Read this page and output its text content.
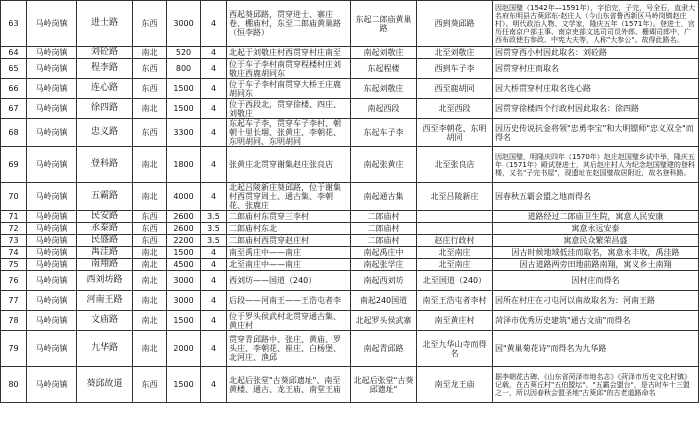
63	马岭岗镇	进士路	东西	3000	4	西起葵邱路，贯穿进士、寨庄卷、棚庙村，东至二郎庙黄巢路（恒李路）	东起二郎庙黄巢路	西到葵邱路	因赵国璧（1542年—1591年），字伯完，子完，号全石，直隶大名府东明县古葵邱东-赵庄人（今山东省鲁西新区马岭岗镇赵庄村）。明代政治人物、文学家，隆庆五年（1571年）。登进士，官历任南京户部主事、南京吏部文选司司员外郎、栅瑚司郎中，广西布政使右参政、中宪大夫等，人称"大参公"。故得此路名。
64	马岭岗镇	刘砼路	南北	520	4	北起于刘敬庄村西贯穿村庄南至	南起刘敬庄	北至刘敬庄	因贯穿西小村因此取名：刘砼路
65	马岭岗镇	程李路	东西	800	4	位于车子李村南贯穿程楼村庄刘敬庄西鹿胡同东	东起程楼	西到车子李	因贯穿村庄而取名
66	马岭岗镇	连心路	东西	1500	4	位于车子李村南贯穿大桥王庄鹿胡同东	东起刘敬庄	西至鹿胡同	因大桥贯穿村庄取名连心路
67	马岭岗镇	徐四路	南北	1500	4	位于西段北，贯穿徐楼、四庄、刘敬庄	南起西段	北至西段	因贯穿徐楼四个行政村因此取名：徐四路
68	马岭岗镇	忠义路	东西	3300	4	东起车子李，贯穿车子李村、朝朝十里长堌、张黄庄、李朝花、东明胡同、东明胡同	东起车子李	西至李朝花、东明胡同	因历史传说抗金将领"忠勇李宝"和大明镖师"忠义双全"而得名
69	马岭岗镇	登科路	南北	1800	4	张黄庄北贯穿谢集赵庄张良店	南起张黄庄	北至张良店	因赵国璧，明隆庆四年（1570年）赵庄赵国璧乡试中举，隆庆五年（1571年）殿试登进士，其后赵庄村人为纪念赵国璧建的登科楼，又名"子完书屋"，现遗址在赵国璧故居附近，故名登科路。
70	马岭岗镇	五霸路	南北	4000	4	北起吕陵新庄葵邱路，位于谢集村西贯穿周土、通古集、李朝花、张鹿庄	南起通古集	北至吕陵新庄	因春秋五霸会盟之地而得名
71	马岭岗镇	民安路	东西	2600	3.5	二郎庙村东贯穿三李村	二郎庙村		道路经过二郎庙卫生院，寓意人民安康
72	马岭岗镇	永泰路	东西	2600	3.5	二郎庙村东北	二郎庙村		寓意永远安泰
73	马岭岗镇	民盛路	东西	2200	3.5	二郎庙村西贯穿赵庄村	二郎庙村	赵庄行政村	寓意民众繁荣昌盛
74	马岭岗镇	禹洼路	南北	1500	4	南至禹庄中——南庄	南起禹庄中	北至南庄	因古时候地域低洼而取名，寓意永丰收，禹洼路
75	马岭岗镇	南翔路	南北	4500	4	北至南庄中——南庄	南起张学庄	北至南庄	因古道路两旁田地前路南翔，寓义乡土南翔
76	马岭岗镇	西刘坊路	南北	3000	4	西刘坊——国道（240）	南起西刘坊	北至国道（240）	因村庄而得名
77	马岭岗镇	河南王路	南北	3000	4	后段——河南王——王浩屯者李	南起240国道	南至王浩屯者李村	因所在村庄在刁屯河以南故取名为：河南王路
78	马岭岗镇	文庙路	南北	1500	4	位于罗头侯武村北贯穿通古集、黄庄村	北起罗头侯武寨	南至黄庄村	菏泽市优秀历史建筑"通古文庙"而得名
79	马岭岗镇	九华路	南北	2000	4	贯穿青邱路中、张庄、黄庙、罗头庄、李朝花、崔庄、白杨堡、北河庄、渔邱	南起青邱路	北至九华山寺而得名	因"黄巢菊花诗"而得名为九华路
80	马岭岗镇	葵邱故道	东西	1500	4	北起后张堂"古葵邱遗址"、南至黄楼、通古、龙王庙、南堂王庙	北起后张堂"古葵邱遗址"	南至龙王庙	据李朝花古碑、《山东省菏泽市地名志》《菏泽市历史文化村镇》记载，在古葵丘村"五伯盟坛"、"五霸会盟台"，是古时车十三盟之一，所以因春秋会盟圣地"古葵邱"的古老道路命名
